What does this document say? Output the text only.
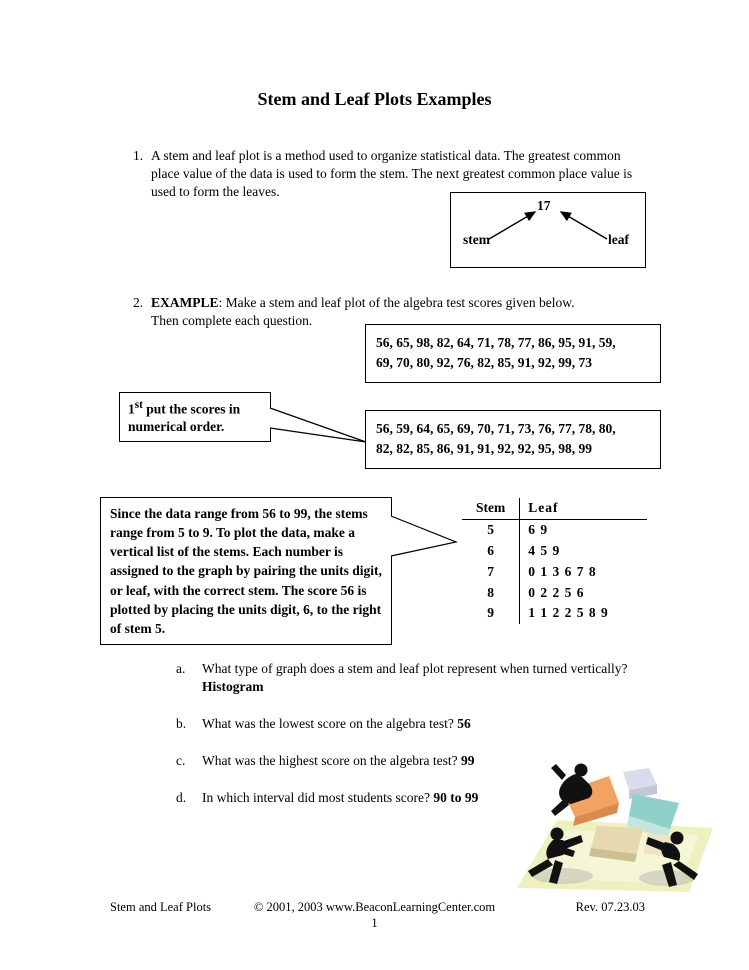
Stem and Leaf Plots Examples
1. A stem and leaf plot is a method used to organize statistical data. The greatest common place value of the data is used to form the stem. The next greatest common place value is used to form the leaves.
17
stem	leaf
2. EXAMPLE: Make a stem and leaf plot of the algebra test scores given below.
Then complete each question.
56, 65, 98, 82, 64, 71, 78, 77, 86, 95, 91, 59,
69, 70, 80, 92, 76, 82, 85, 91, 92, 99, 73
1st put the scores in
numerical order.	56, 59, 64, 65, 69, 70, 71, 73, 76, 77, 78, 80,
82, 82, 85, 86, 91, 91, 92, 92, 95, 98, 99
Since the data range from 56 to 99, the stems range from 5 to 9. To plot the data, make a vertical list of the stems. Each number is assigned to the graph by pairing the units digit, or leaf, with the correct stem. The score 56 is plotted by placing the units digit, 6, to the right of stem 5.
Stem	Leaf
5	6 9
6	4 5 9
7	0 1 3 6 7 8
8	0 2 2 5 6
9	1 1 2 2 5 8 9
a.	What type of graph does a stem and leaf plot represent when turned vertically? Histogram
b.	What was the lowest score on the algebra test? 56
c.	What was the highest score on the algebra test? 99
d.	In which interval did most students score? 90 to 99
Stem and Leaf Plots	© 2001, 2003 www.BeaconLearningCenter.com	Rev. 07.23.03
1
